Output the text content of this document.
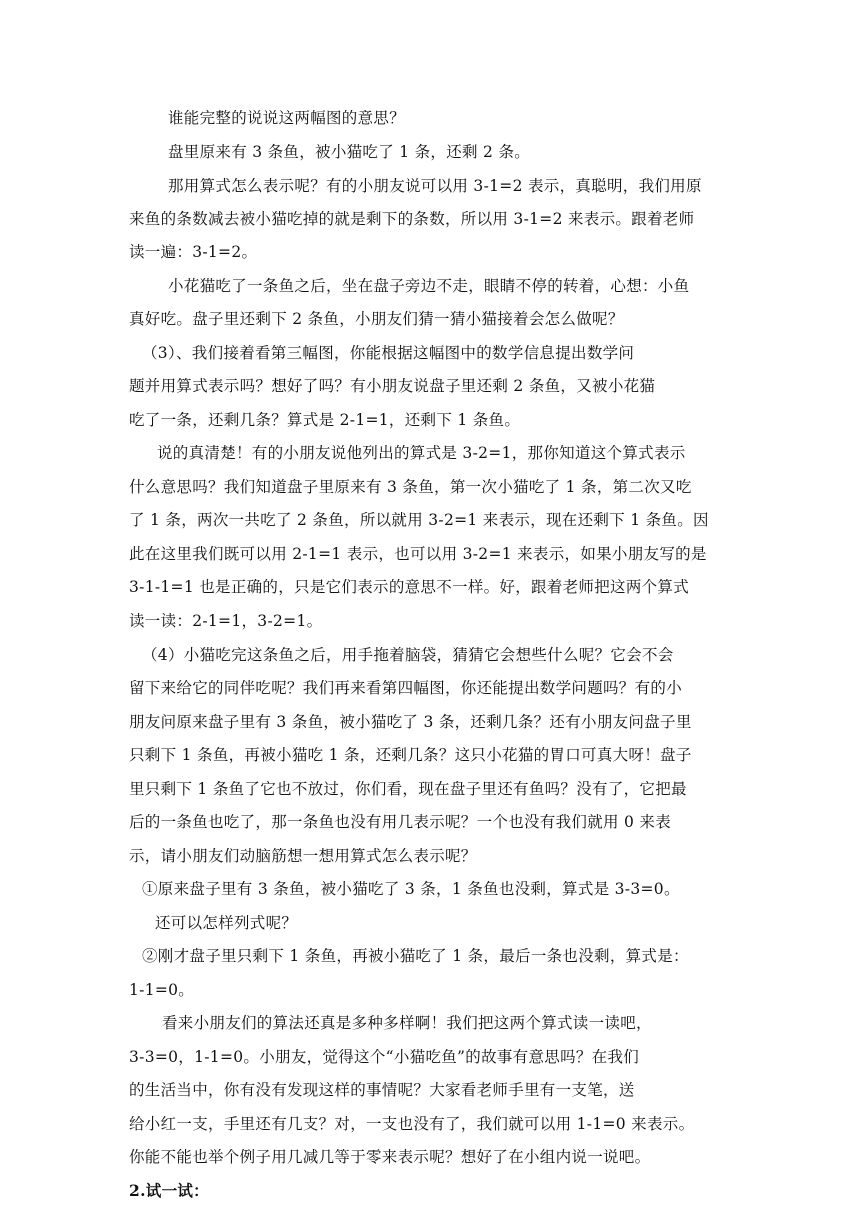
谁能完整的说说这两幅图的意思？
盘里原来有 3 条鱼，被小猫吃了 1 条，还剩 2 条。
那用算式怎么表示呢？有的小朋友说可以用 3-1=2 表示，真聪明，我们用原
来鱼的条数减去被小猫吃掉的就是剩下的条数，所以用 3-1=2 来表示。跟着老师
读一遍：3-1=2。
小花猫吃了一条鱼之后，坐在盘子旁边不走，眼睛不停的转着，心想：小鱼
真好吃。盘子里还剩下 2 条鱼，小朋友们猜一猜小猫接着会怎么做呢？
（3）、我们接着看第三幅图，你能根据这幅图中的数学信息提出数学问
题并用算式表示吗？想好了吗？有小朋友说盘子里还剩 2 条鱼，又被小花猫
吃了一条，还剩几条？算式是 2-1=1，还剩下 1 条鱼。
说的真清楚！有的小朋友说他列出的算式是 3-2=1，那你知道这个算式表示
什么意思吗？我们知道盘子里原来有 3 条鱼，第一次小猫吃了 1 条，第二次又吃
了 1 条，两次一共吃了 2 条鱼，所以就用 3-2=1 来表示，现在还剩下 1 条鱼。因
此在这里我们既可以用 2-1=1 表示，也可以用 3-2=1 来表示，如果小朋友写的是
3-1-1=1 也是正确的，只是它们表示的意思不一样。好，跟着老师把这两个算式
读一读：2-1=1，3-2=1。
（4）小猫吃完这条鱼之后，用手拖着脑袋，猜猜它会想些什么呢？它会不会
留下来给它的同伴吃呢？我们再来看第四幅图，你还能提出数学问题吗？有的小
朋友问原来盘子里有 3 条鱼，被小猫吃了 3 条，还剩几条？还有小朋友问盘子里
只剩下 1 条鱼，再被小猫吃 1 条，还剩几条？这只小花猫的胃口可真大呀！盘子
里只剩下 1 条鱼了它也不放过，你们看，现在盘子里还有鱼吗？没有了，它把最
后的一条鱼也吃了，那一条鱼也没有用几表示呢？一个也没有我们就用 0 来表
示，请小朋友们动脑筋想一想用算式怎么表示呢？
①原来盘子里有 3 条鱼，被小猫吃了 3 条，1 条鱼也没剩，算式是 3-3=0。
还可以怎样列式呢？
②刚才盘子里只剩下 1 条鱼，再被小猫吃了 1 条，最后一条也没剩，算式是：
1-1=0。
看来小朋友们的算法还真是多种多样啊！我们把这两个算式读一读吧，
3-3=0，1-1=0。小朋友，觉得这个“小猫吃鱼”的故事有意思吗？在我们
的生活当中，你有没有发现这样的事情呢？大家看老师手里有一支笔，送
给小红一支，手里还有几支？对，一支也没有了，我们就可以用 1-1=0 来表示。
你能不能也举个例子用几减几等于零来表示呢？想好了在小组内说一说吧。
2.试一试：
